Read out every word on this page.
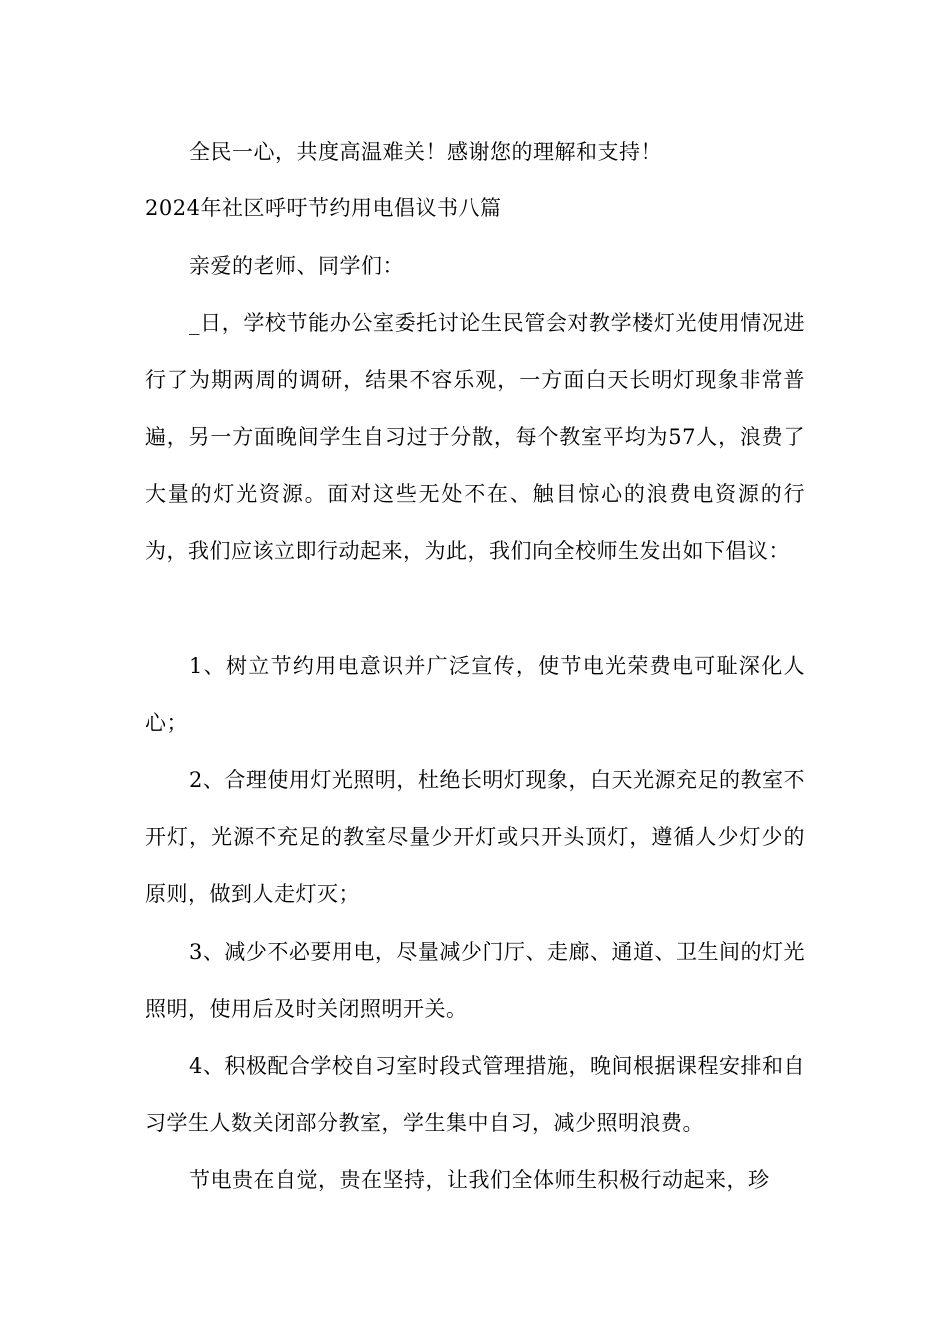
全民一心，共度高温难关！感谢您的理解和支持！

2024年社区呼吁节约用电倡议书八篇

亲爱的老师、同学们：

_日，学校节能办公室委托讨论生民管会对教学楼灯光使用情况进行了为期两周的调研，结果不容乐观，一方面白天长明灯现象非常普遍，另一方面晚间学生自习过于分散，每个教室平均为57人，浪费了大量的灯光资源。面对这些无处不在、触目惊心的浪费电资源的行为，我们应该立即行动起来，为此，我们向全校师生发出如下倡议：

1、树立节约用电意识并广泛宣传，使节电光荣费电可耻深化人心；

2、合理使用灯光照明，杜绝长明灯现象，白天光源充足的教室不开灯，光源不充足的教室尽量少开灯或只开头顶灯，遵循人少灯少的原则，做到人走灯灭；

3、减少不必要用电，尽量减少门厅、走廊、通道、卫生间的灯光照明，使用后及时关闭照明开关。

4、积极配合学校自习室时段式管理措施，晚间根据课程安排和自习学生人数关闭部分教室，学生集中自习，减少照明浪费。

节电贵在自觉，贵在坚持，让我们全体师生积极行动起来，珍
